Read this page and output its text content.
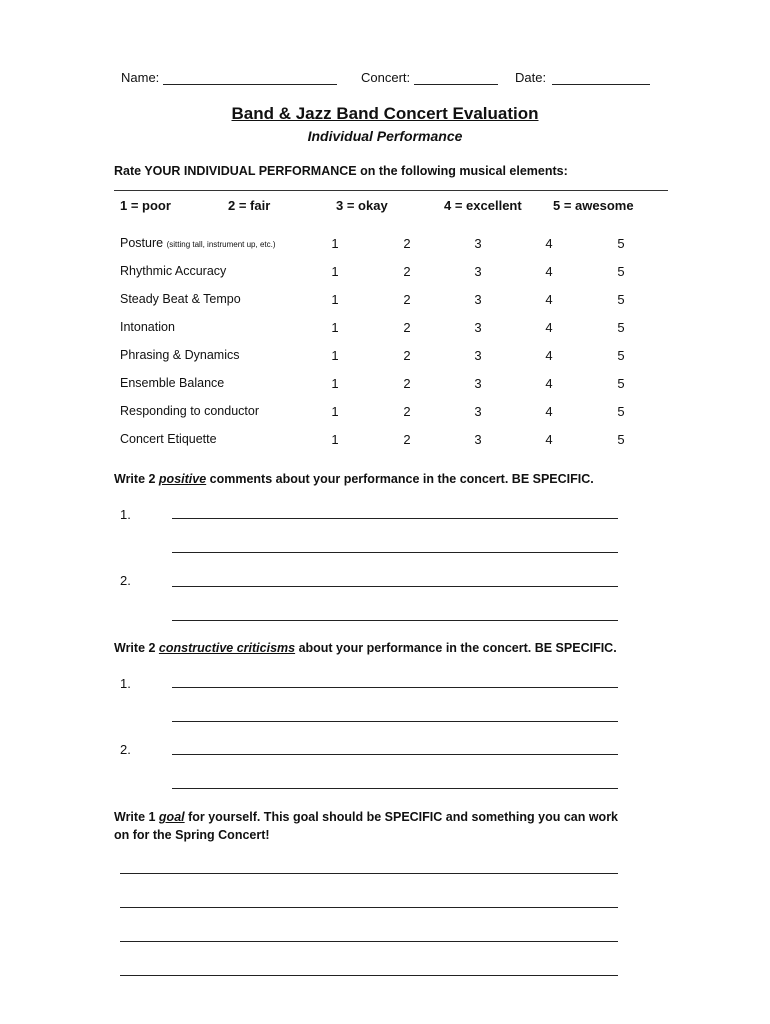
Name:	Concert:	Date:
Band & Jazz Band Concert Evaluation
Individual Performance
Rate YOUR INDIVIDUAL PERFORMANCE on the following musical elements:
1 = poor	2 = fair	3 = okay	4 = excellent 5 = awesome
Posture (sitting tall, instrument up, etc.)	1	2	3	4	5
Rhythmic Accuracy	1	2	3	4	5
Steady Beat & Tempo	1	2	3	4	5
Intonation	1	2	3	4	5
Phrasing & Dynamics	1	2	3	4	5
Ensemble Balance	1	2	3	4	5
Responding to conductor	1	2	3	4	5
Concert Etiquette	1	2	3	4	5
Write 2 positive comments about your performance in the concert. BE SPECIFIC.
1.
2.
Write 2 constructive criticisms about your performance in the concert. BE SPECIFIC.
1.
2.
Write 1 goal for yourself. This goal should be SPECIFIC and something you can work
on for the Spring Concert!
